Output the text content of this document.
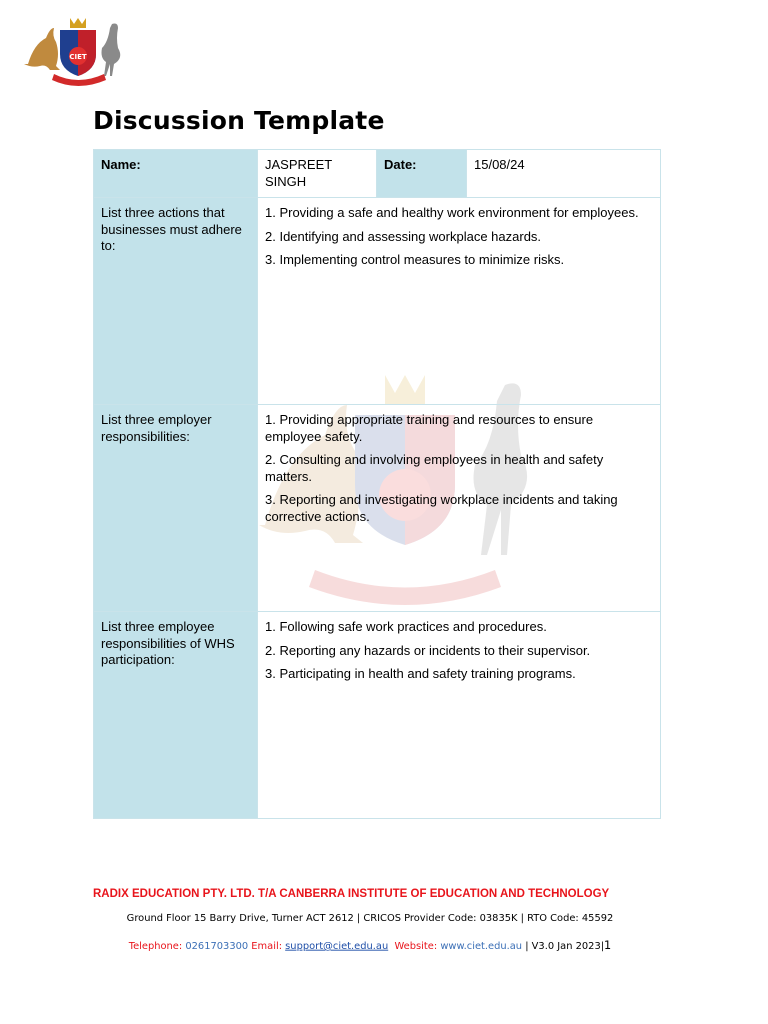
CIET
Discussion Template
Name:	JASPREET SINGH	Date:	15/08/24
List three actions that businesses must adhere to:	1. Providing a safe and healthy work environment for employees.

2. Identifying and assessing workplace hazards.

3. Implementing control measures to minimize risks.		

List three employer responsibilities:	1. Providing appropriate training and resources to ensure employee safety.

2. Consulting and involving employees in health and safety matters.

3. Reporting and investigating workplace incidents and taking corrective actions.		

List three employee responsibilities of WHS participation:	1. Following safe work practices and procedures.

2. Reporting any hazards or incidents to their supervisor.

3. Participating in health and safety training programs.		

RADIX EDUCATION PTY. LTD. T/A CANBERRA INSTITUTE OF EDUCATION AND TECHNOLOGY
Ground Floor 15 Barry Drive, Turner ACT 2612 | CRICOS Provider Code: 03835K | RTO Code: 45592
Telephone: 0261703300 Email: support@ciet.edu.au Website: www.ciet.edu.au | V3.0 Jan 2023|1
